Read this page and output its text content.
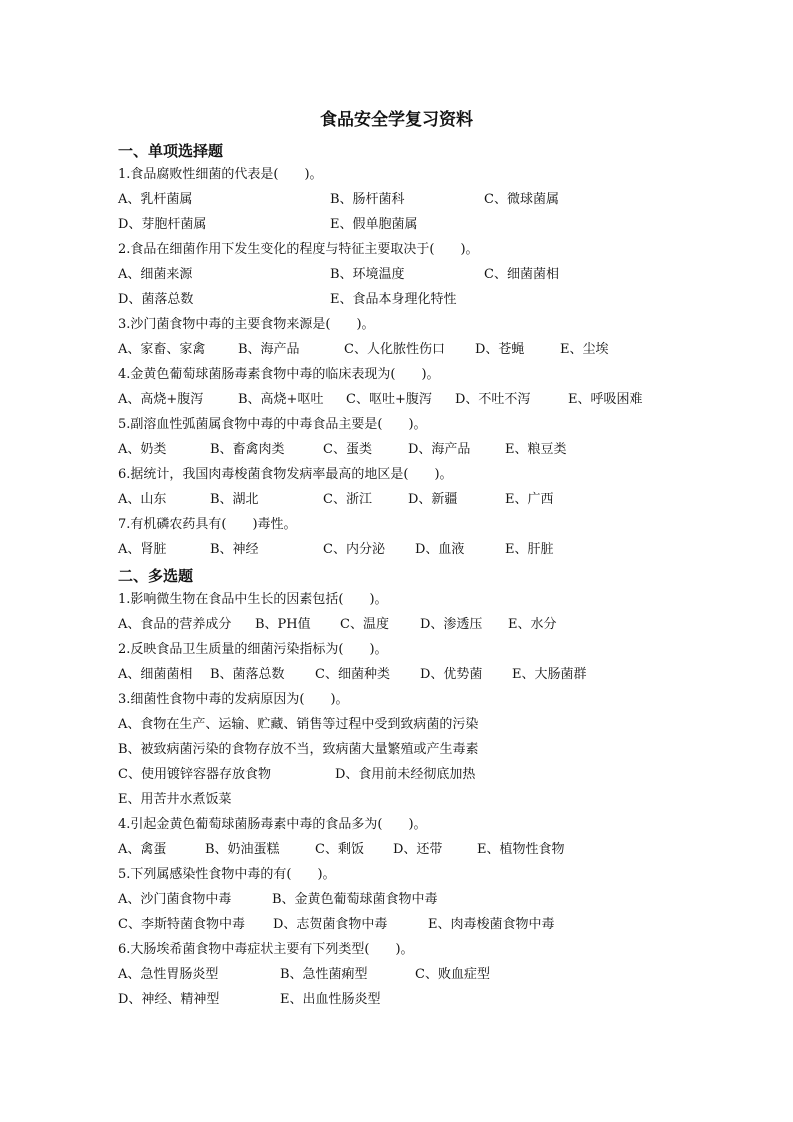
食品安全学复习资料
一、单项选择题
1.食品腐败性细菌的代表是(　　)。
A、乳杆菌属	B、肠杆菌科	C、微球菌属
D、芽胞杆菌属	E、假单胞菌属
2.食品在细菌作用下发生变化的程度与特征主要取决于(　　)。
A、细菌来源	B、环境温度	C、细菌菌相
D、菌落总数	E、食品本身理化特性
3.沙门菌食物中毒的主要食物来源是(　　)。
A、家畜、家禽	B、海产品	C、人化脓性伤口 D、苍蝇	E、尘埃
4.金黄色葡萄球菌肠毒素食物中毒的临床表现为(　　)。
A、高烧+腹泻	B、高烧+呕吐 C、呕吐+腹泻 D、不吐不泻	E、呼吸困难
5.副溶血性弧菌属食物中毒的中毒食品主要是(　　)。
A、奶类	B、畜禽肉类	C、蛋类	D、海产品	E、粮豆类
6.据统计，我国肉毒梭菌食物发病率最高的地区是(　　)。
A、山东	B、湖北	C、浙江	D、新疆	E、广西
7.有机磷农药具有(　　)毒性。
A、肾脏	B、神经	C、内分泌 D、血液	E、肝脏
二、多选题
1.影响微生物在食品中生长的因素包括(　　)。
A、食品的营养成分 B、PH值 C、温度 D、渗透压 E、水分
2.反映食品卫生质量的细菌污染指标为(　　)。
A、细菌菌相 B、菌落总数 C、细菌种类 D、优势菌 E、大肠菌群
3.细菌性食物中毒的发病原因为(　　)。
A、食物在生产、运输、贮藏、销售等过程中受到致病菌的污染
B、被致病菌污染的食物存放不当，致病菌大量繁殖或产生毒素
C、使用镀锌容器存放食物	D、食用前未经彻底加热
E、用苦井水煮饭菜
4.引起金黄色葡萄球菌肠毒素中毒的食品多为(　　)。
A、禽蛋	B、奶油蛋糕	C、剩饭 D、还带	E、植物性食物
5.下列属感染性食物中毒的有(　　)。
A、沙门菌食物中毒	B、金黄色葡萄球菌食物中毒
C、李斯特菌食物中毒 D、志贺菌食物中毒	E、肉毒梭菌食物中毒
6.大肠埃希菌食物中毒症状主要有下列类型(　　)。
A、急性胃肠炎型	B、急性菌痢型	C、败血症型
D、神经、精神型	E、出血性肠炎型
